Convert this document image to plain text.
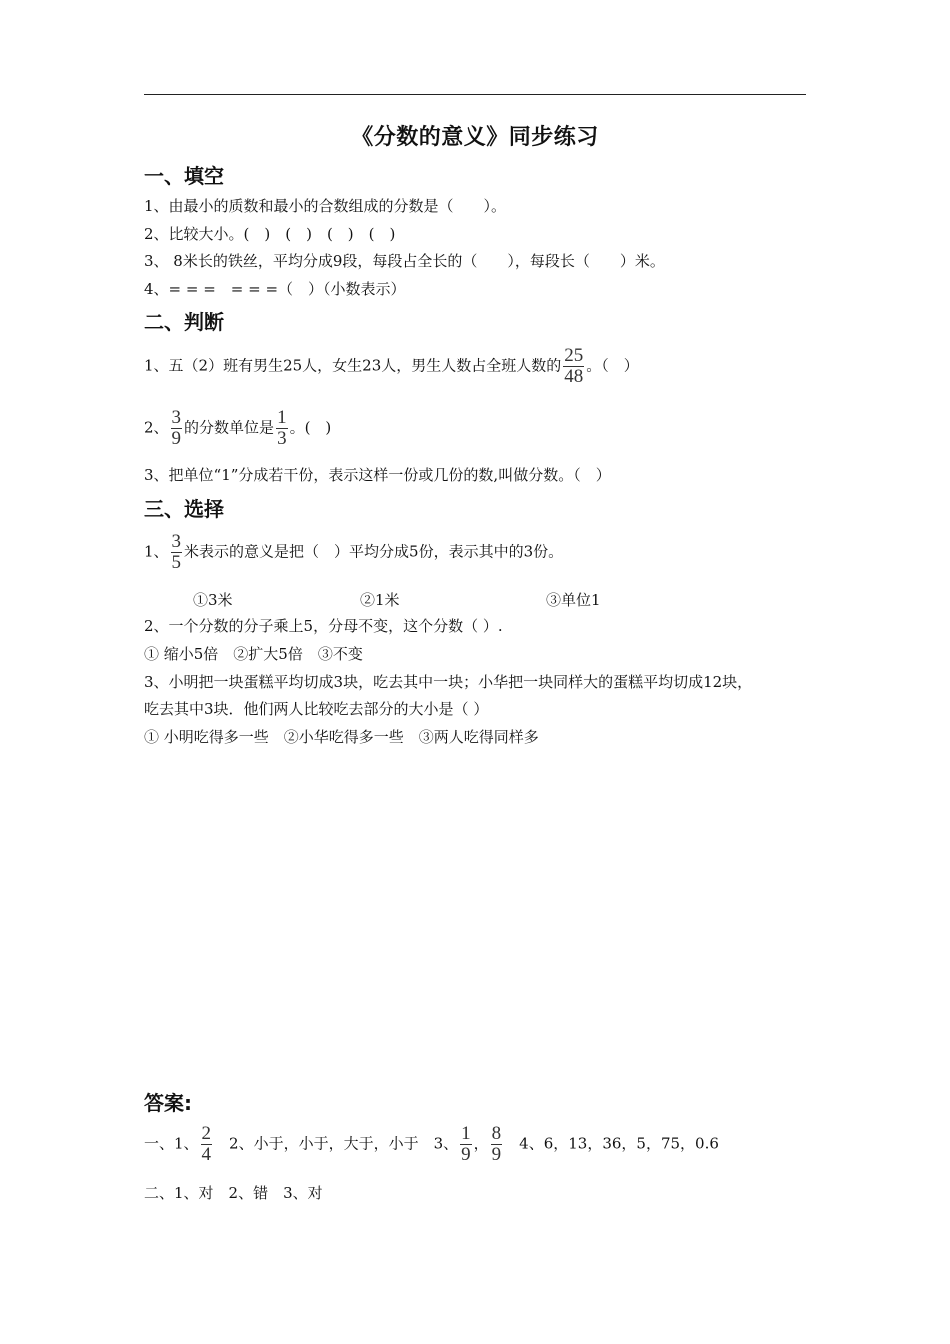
《分数的意义》同步练习
一、填空
1、由最小的质数和最小的合数组成的分数是（　　）。
2、比较大小。(　)　(　)　(　)　(　)
3、 8米长的铁丝，平均分成9段，每段占全长的（　　），每段长（　　）米。
4、= = =　= = =（　）（小数表示）
二、判断
1、五（2）班有男生25人，女生23人，男生人数占全班人数的 $\frac{25}{48}$ 。（　）
2、 $\frac{3}{9}$ 的分数单位是 $\frac{1}{3}$ 。(　)
3、把单位“1”分成若干份，表示这样一份或几份的数,叫做分数。（　）
三、选择
1、 $\frac{3}{5}$ 米表示的意义是把（　）平均分成5份，表示其中的3份。
①3米	②1米	③单位1
2、一个分数的分子乘上5，分母不变，这个分数（ ）.
① 缩小5倍　②扩大5倍　③不变
3、小明把一块蛋糕平均切成3块，吃去其中一块；小华把一块同样大的蛋糕平均切成12块，
吃去其中3块．他们两人比较吃去部分的大小是（ ）
① 小明吃得多一些　②小华吃得多一些　③两人吃得同样多
答案:
一、1、 $\frac{2}{4}$ 　2、小于，小于，大于，小于　3、 $\frac{1}{9}$ ， $\frac{8}{9}$ 　4、6，13，36，5，75，0.6
二、1、对　2、错　3、对
